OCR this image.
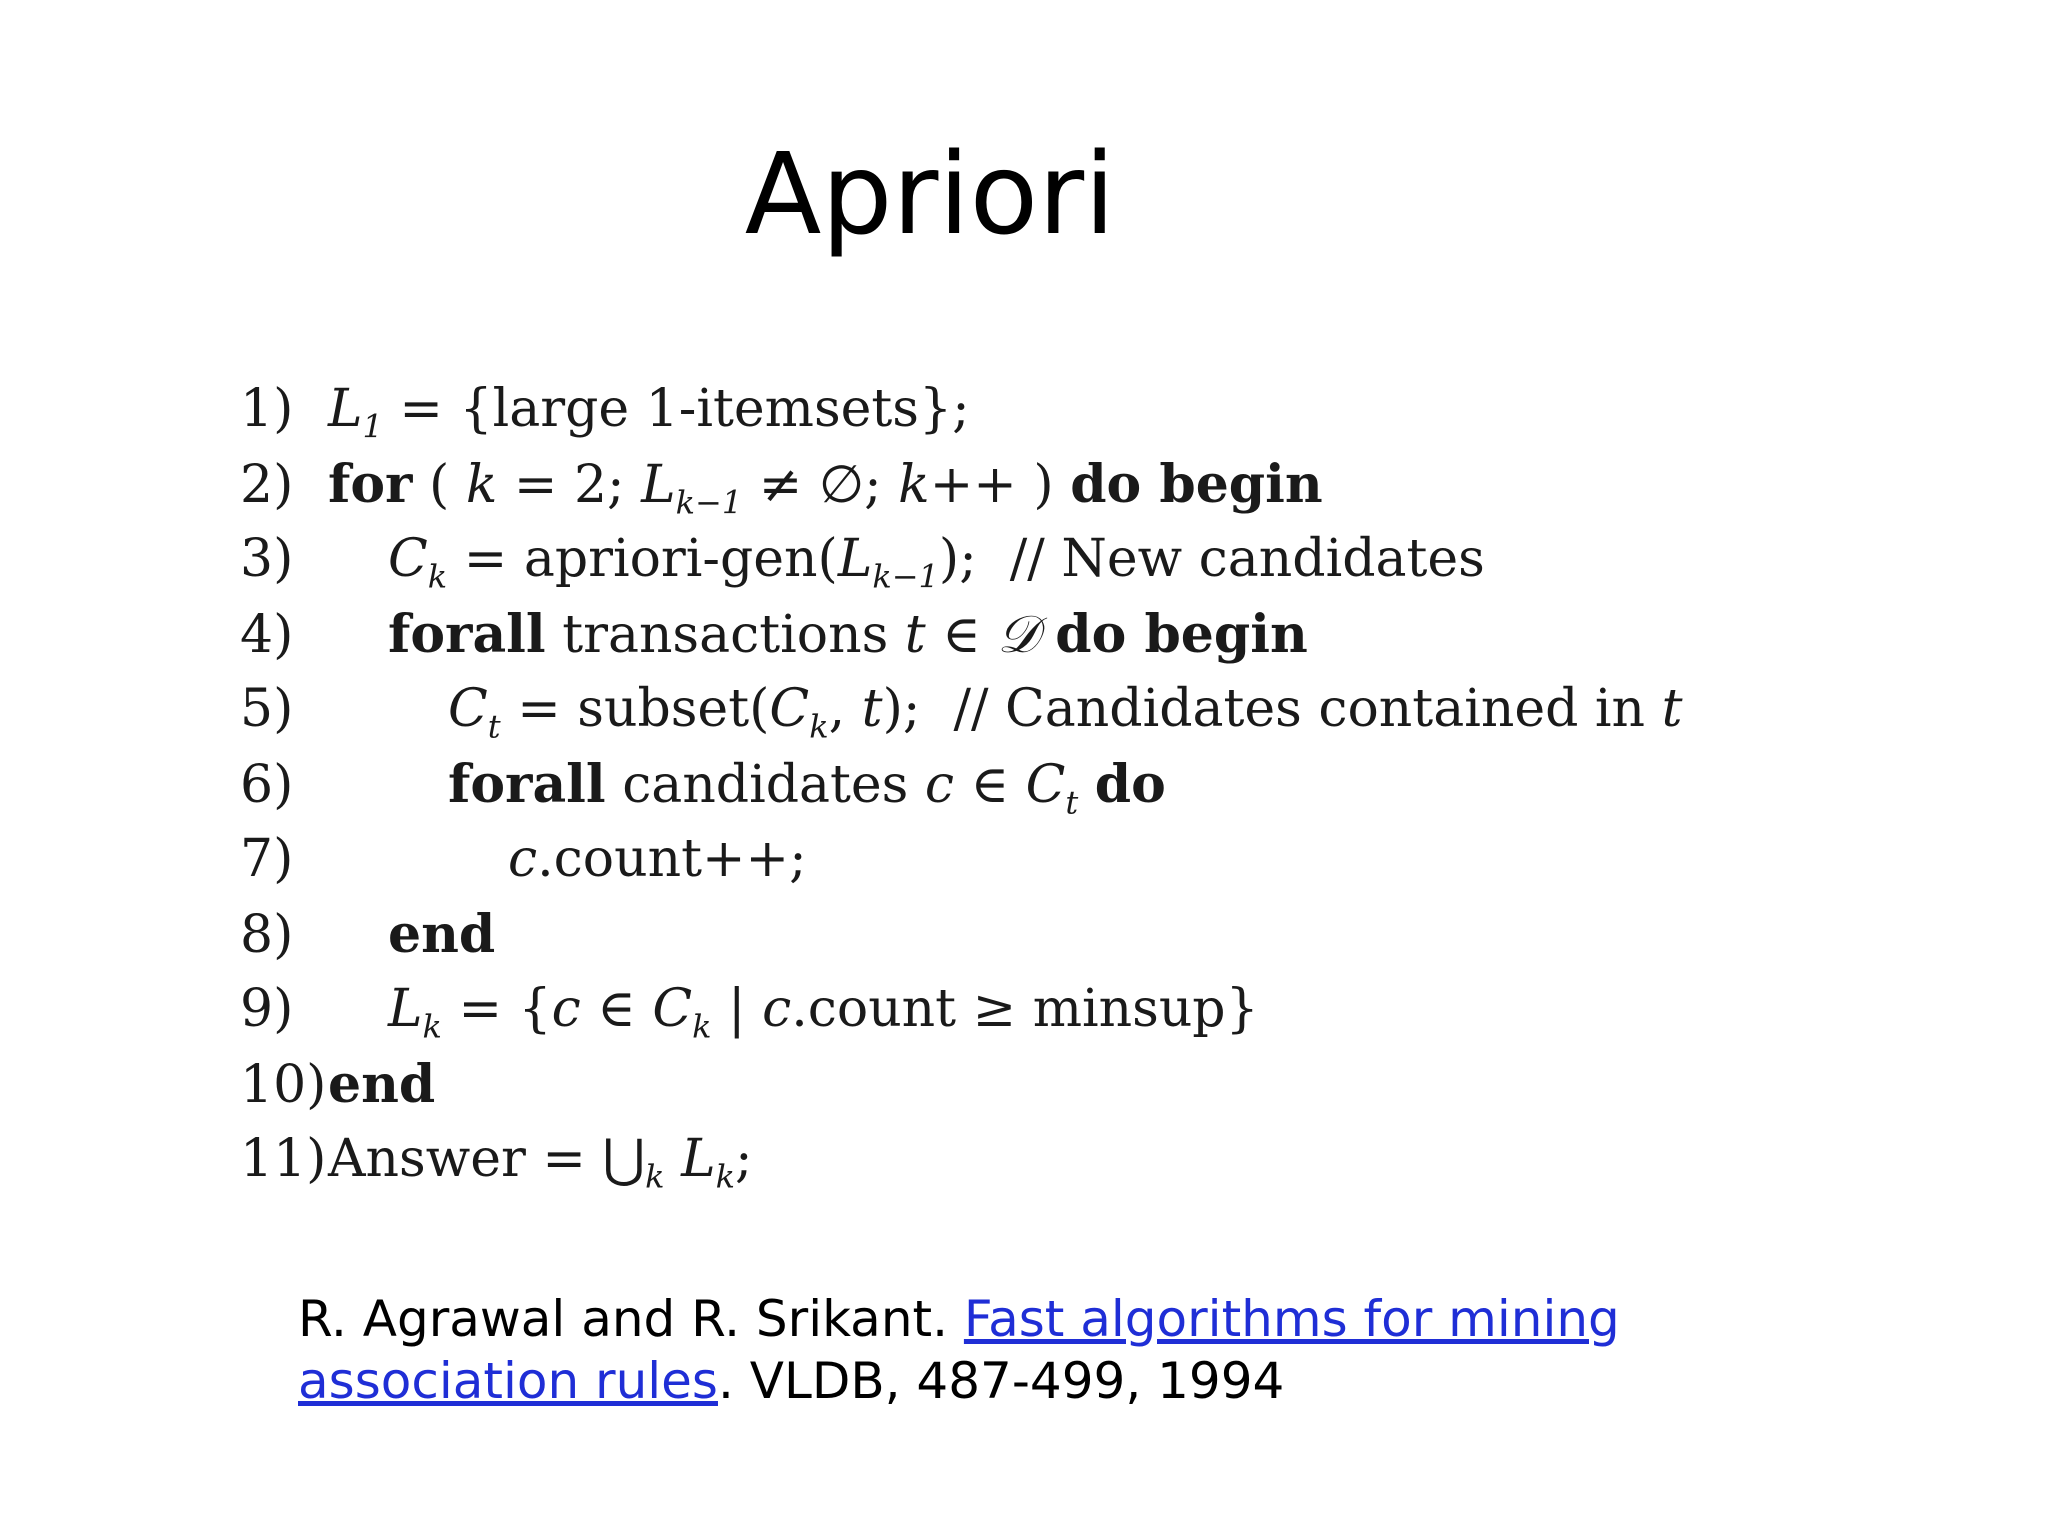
Apriori
1) $L_1$ = {large 1-itemsets};
2) for ( k = 2; $L_{k-1}$ ≠ ∅; k++ ) do begin
3) $C_k$ = apriori-$gen(L_{k-1})$; // New candidates
4) forall transactions t ∈ 𝒟 do begin
5)	$C_t$ = $subset(C_k$, t); // Candidates contained in t
6)	forall candidates c ∈ $C_t$ do
7)	c.count++;
8) end
9) $L_k = \{c$ ∈ $C_k$ | c.count ≥ minsup}
10)end
11)Answer = $⋃_k$ $L_k$;
R. Agrawal and R. Srikant. Fast algorithms for mining association rules. VLDB, 487-499, 1994
